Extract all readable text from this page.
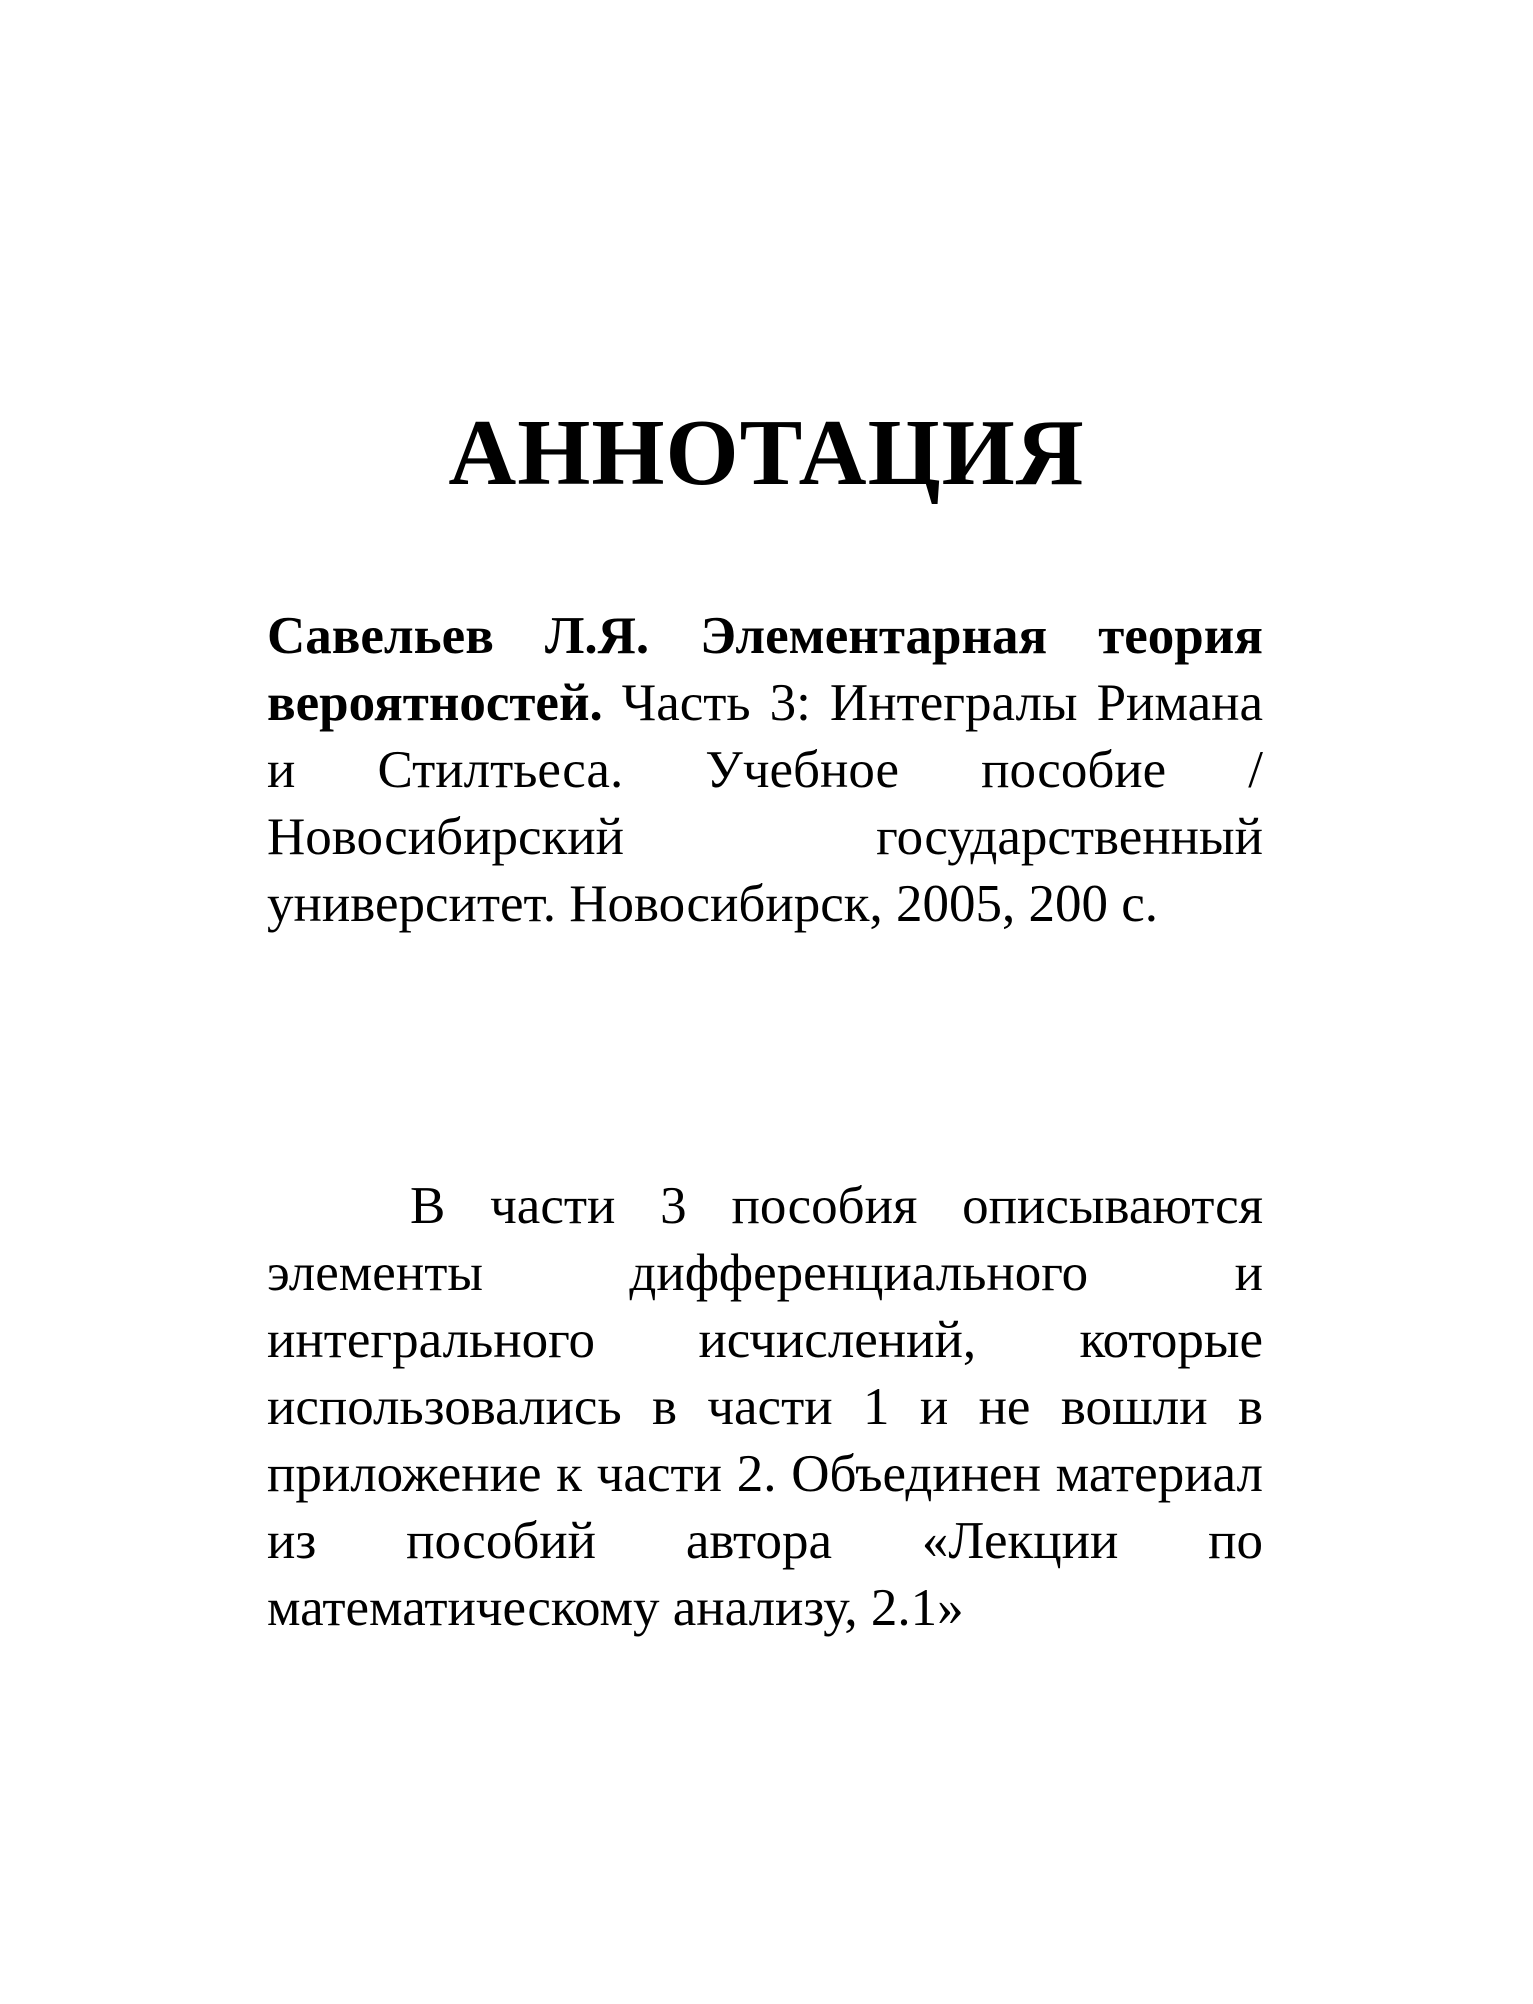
АННОТАЦИЯ

Савельев Л.Я. Элементарная теория вероятностей. Часть 3: Интегралы Римана и Стилтьеса. Учебное пособие / Новосибирский государственный университет. Новосибирск, 2005, 200 с.

В части 3 пособия описываются элементы дифференциального и интегрального исчислений, которые использовались в части 1 и не вошли в приложение к части 2. Объединен материал из пособий автора «Лекции по математическому анализу, 2.1»
